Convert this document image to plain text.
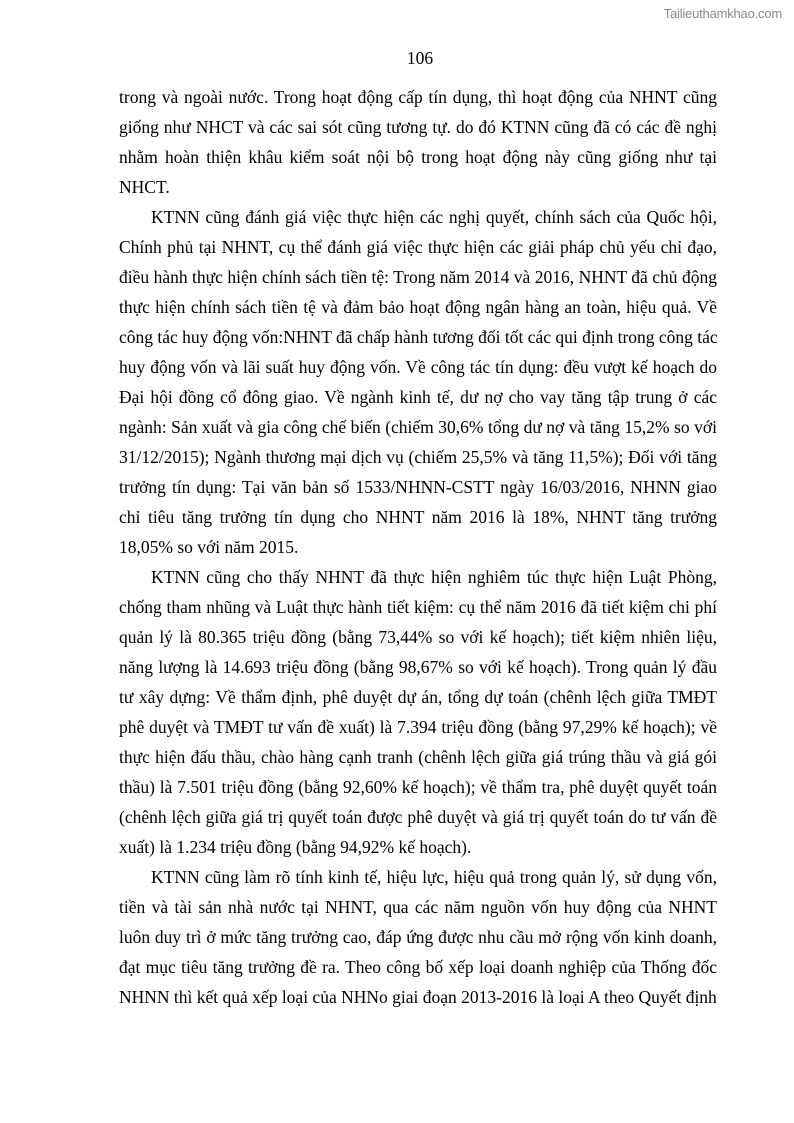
Tailieuthamkhao.com
106
trong và ngoài nước. Trong hoạt động cấp tín dụng, thì hoạt động của NHNT cũng
giống như NHCT và các sai sót cũng tương tự. do đó KTNN cũng đã có các đề nghị
nhằm hoàn thiện khâu kiểm soát nội bộ trong hoạt động này cũng giống như tại
NHCT.
KTNN cũng đánh giá việc thực hiện các nghị quyết, chính sách của Quốc hội,
Chính phủ tại NHNT, cụ thể đánh giá việc thực hiện các giải pháp chủ yếu chỉ đạo,
điều hành thực hiện chính sách tiền tệ: Trong năm 2014 và 2016, NHNT đã chủ động
thực hiện chính sách tiền tệ và đảm bảo hoạt động ngân hàng an toàn, hiệu quả. Về
công tác huy động vốn:NHNT đã chấp hành tương đối tốt các qui định trong công tác
huy động vốn và lãi suất huy động vốn. Về công tác tín dụng: đều vượt kế hoạch do
Đại hội đồng cổ đông giao. Về ngành kinh tế, dư nợ cho vay tăng tập trung ở các
ngành: Sản xuất và gia công chế biến (chiếm 30,6% tổng dư nợ và tăng 15,2% so với
31/12/2015); Ngành thương mại dịch vụ (chiếm 25,5% và tăng 11,5%); Đối với tăng
trưởng tín dụng: Tại văn bản số 1533/NHNN-CSTT ngày 16/03/2016, NHNN giao
chỉ tiêu tăng trưởng tín dụng cho NHNT năm 2016 là 18%, NHNT tăng trưởng
18,05% so với năm 2015.
KTNN cũng cho thấy NHNT đã thực hiện nghiêm túc thực hiện Luật Phòng,
chống tham nhũng và Luật thực hành tiết kiệm: cụ thể năm 2016 đã tiết kiệm chi phí
quản lý là 80.365 triệu đồng (bằng 73,44% so với kế hoạch); tiết kiệm nhiên liệu,
năng lượng là 14.693 triệu đồng (bằng 98,67% so với kế hoạch). Trong quản lý đầu
tư xây dựng: Về thẩm định, phê duyệt dự án, tổng dự toán (chênh lệch giữa TMĐT
phê duyệt và TMĐT tư vấn đề xuất) là 7.394 triệu đồng (bằng 97,29% kế hoạch); về
thực hiện đấu thầu, chào hàng cạnh tranh (chênh lệch giữa giá trúng thầu và giá gói
thầu) là 7.501 triệu đồng (bằng 92,60% kế hoạch); về thẩm tra, phê duyệt quyết toán
(chênh lệch giữa giá trị quyết toán được phê duyệt và giá trị quyết toán do tư vấn đề
xuất) là 1.234 triệu đồng (bằng 94,92% kế hoạch).
KTNN cũng làm rõ tính kinh tế, hiệu lực, hiệu quả trong quản lý, sử dụng vốn,
tiền và tài sản nhà nước tại NHNT, qua các năm nguồn vốn huy động của NHNT
luôn duy trì ở mức tăng trưởng cao, đáp ứng được nhu cầu mở rộng vốn kinh doanh,
đạt mục tiêu tăng trưởng đề ra. Theo công bố xếp loại doanh nghiệp của Thống đốc
NHNN thì kết quả xếp loại của NHNo giai đoạn 2013-2016 là loại A theo Quyết định
